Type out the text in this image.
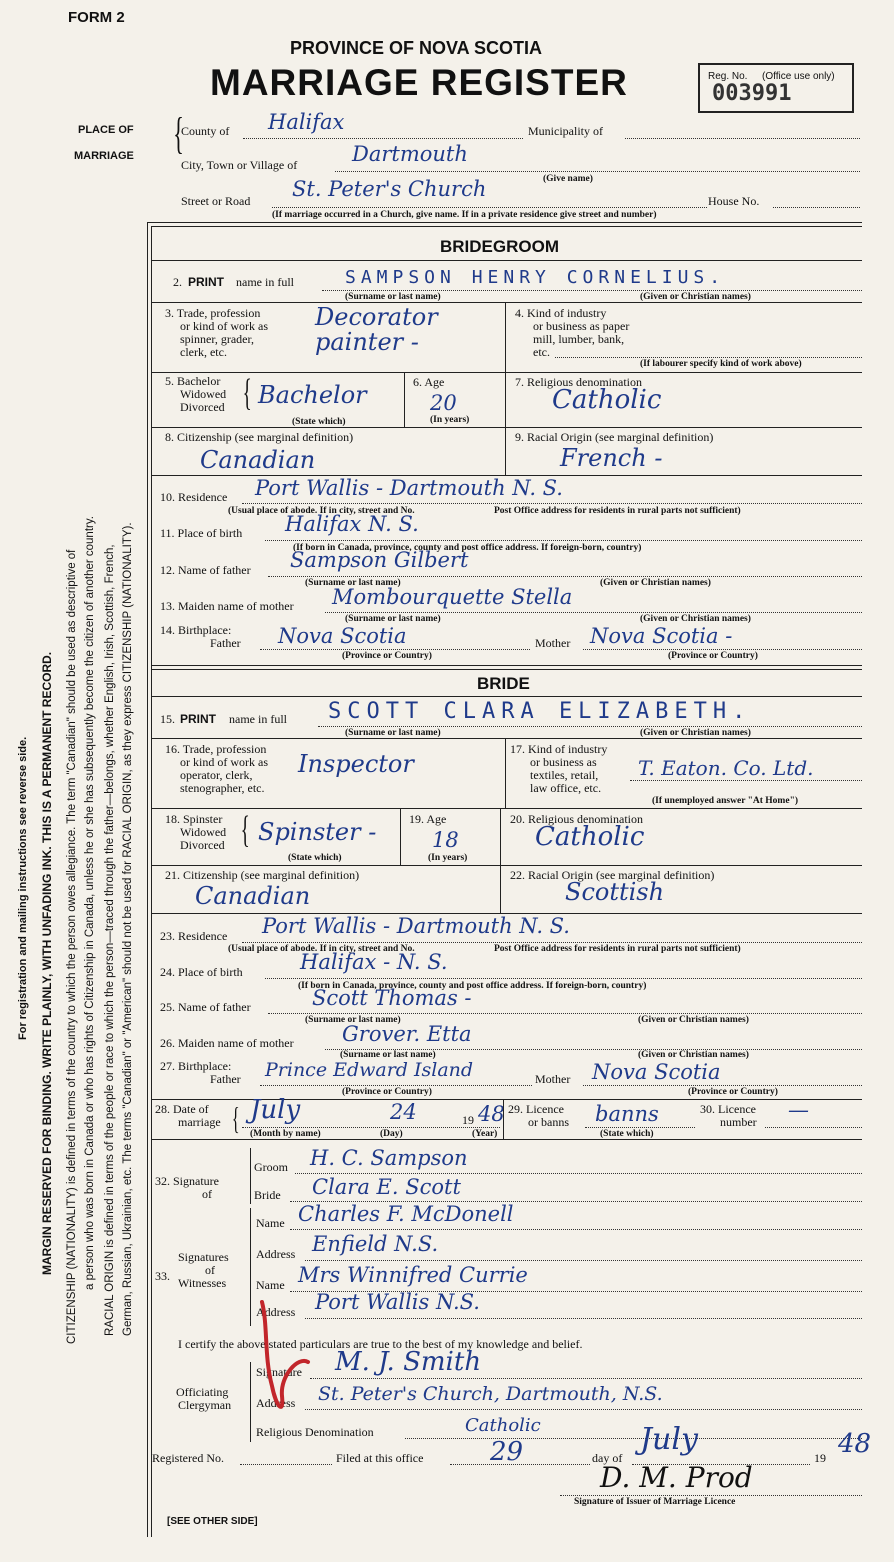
FORM 2
PROVINCE OF NOVA SCOTIA
MARRIAGE REGISTER	Reg. No. (Office use only)
003991
PLACE OF
MARRIAGE {
County of Halifax	Municipality of
City, Town or Village of	Dartmouth
(Give name)
Street or Road St. Peter's Church	House No.
(If marriage occurred in a Church, give name. If in a private residence give street and number)
For registration and mailing instructions see reverse side. MARGIN RESERVED FOR BINDING. WRITE PLAINLY, WITH UNFADING INK. THIS IS A PERMANENT RECORD. CITIZENSHIP (NATIONALITY) is defined in terms of the country to which the person owes allegiance. The term "Canadian" should be used as descriptive of a person who was born in Canada or who has rights of Citizenship in Canada, unless he or she has subsequently become the citizen of another country. RACIAL ORIGIN is defined in terms of the people or race to which the person—traced through the father—belongs, whether English, Irish, Scottish, French, German, Russian, Ukrainian, etc. The terms "Canadian" or "American" should not be used for RACIAL ORIGIN, as they express CITIZENSHIP (NATIONALITY).
BRIDEGROOM
2. PRINT name in full	SAMPSON HENRY CORNELIUS.
(Surname or last name)	(Given or Christian names)
3. Trade, profession
or kind of work as
spinner, grader,
clerk, etc.
Decorator
painter -
4. Kind of industry
or business as paper
mill, lumber, bank,
etc.
(If labourer specify kind of work above)
5. Bachelor
Widowed
Divorced { Bachelor
(State which)
6. Age
20
(In years)
7. Religious denomination
Catholic
8. Citizenship (see marginal definition)
Canadian
9. Racial Origin (see marginal definition)
French -
10. Residence Port Wallis - Dartmouth N. S.
(Usual place of abode. If in city, street and No.	Post Office address for residents in rural parts not sufficient)
11. Place of birth Halifax N. S.
(If born in Canada, province, county and post office address. If foreign-born, country)
12. Name of father Sampson Gilbert
(Surname or last name)	(Given or Christian names)
13. Maiden name of mother Mombourquette Stella
(Surname or last name)	(Given or Christian names)
14. Birthplace:
Father Nova Scotia	Mother Nova Scotia -
(Province or Country)	(Province or Country)
BRIDE
15. PRINT name in full SCOTT CLARA ELIZABETH.
(Surname or last name)	(Given or Christian names)
16. Trade, profession
or kind of work as
operator, clerk,
stenographer, etc.
Inspector
17. Kind of industry
or business as
textiles, retail,
law office, etc.
T. Eaton. Co. Ltd.
(If unemployed answer "At Home")
18. Spinster
Widowed
Divorced { Spinster -
(State which)
19. Age
18
(In years)
20. Religious denomination
Catholic
21. Citizenship (see marginal definition)
Canadian
22. Racial Origin (see marginal definition)
Scottish
23. Residence Port Wallis - Dartmouth N. S.
(Usual place of abode. If in city, street and No.	Post Office address for residents in rural parts not sufficient)
24. Place of birth	Halifax - N. S.
(If born in Canada, province, county and post office address. If foreign-born, country)
25. Name of father	Scott Thomas -
(Surname or last name)	(Given or Christian names)
26. Maiden name of mother Grover. Etta
(Surname or last name)	(Given or Christian names)
27. Birthplace:
Father Prince Edward Island	Mother Nova Scotia
(Province or Country)	(Province or Country)
28. Date of
marriage { July	24	19 48
(Month by name)	(Day)	(Year)
29. Licence
or banns banns
(State which)
30. Licence
number —
32. Signature
of
Groom H. C. Sampson
Bride Clara E. Scott
33.
Signatures
of
Witnesses
Name Charles F. McDonell
Address Enfield N.S.
Name Mrs Winnifred Currie
Address Port Wallis N.S.
I certify the above stated particulars are true to the best of my knowledge and belief.
Officiating
Clergyman
Signature M. J. Smith
Address St. Peter's Church, Dartmouth, N.S.
Religious Denomination	Catholic
Registered No.	Filed at this office	29	day of
July
19 48
D. M. Prod
Signature of Issuer of Marriage Licence
[SEE OTHER SIDE]
